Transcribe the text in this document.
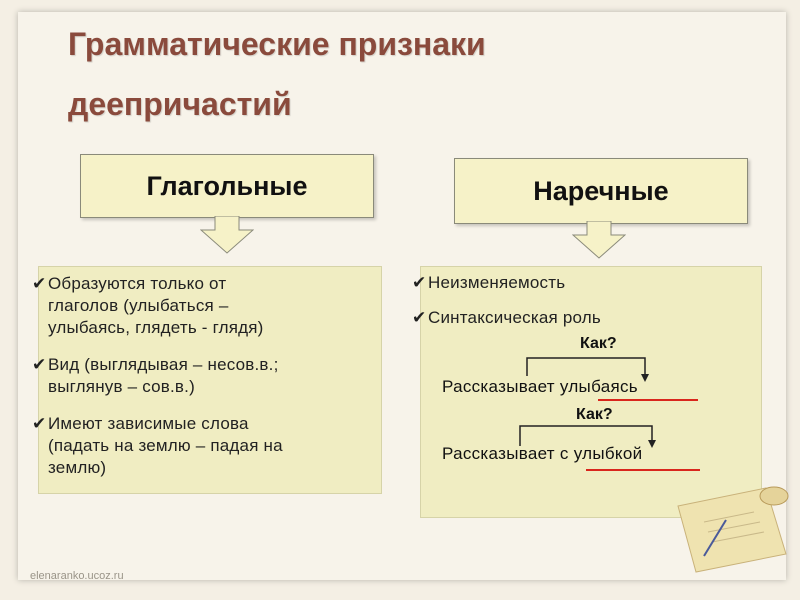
Грамматические признаки
деепричастий
Глагольные	Наречные
✔ Образуются только от
глаголов (улыбаться –
улыбаясь, глядеть - глядя)
✔ Вид (выглядывая – несов.в.;
выглянув – сов.в.)
✔ Имеют зависимые слова
(падать на землю – падая на
землю)
✔ Неизменяемость
✔ Синтаксическая роль
Как?
Рассказывает улыбаясь
Как?
Рассказывает с улыбкой
elenaranko.ucoz.ru
